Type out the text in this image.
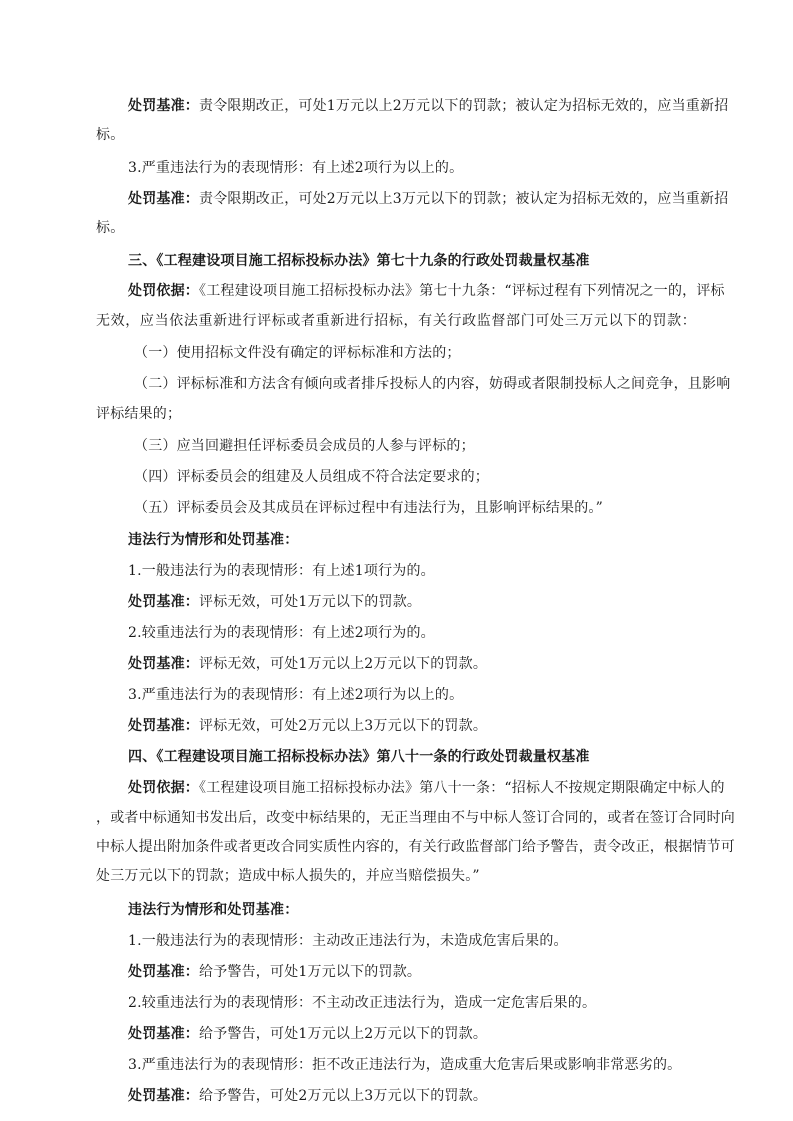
处罚基准：责令限期改正，可处1万元以上2万元以下的罚款；被认定为招标无效的，应当重新招
标。
3.严重违法行为的表现情形：有上述2项行为以上的。
处罚基准：责令限期改正，可处2万元以上3万元以下的罚款；被认定为招标无效的，应当重新招
标。
三、《工程建设项目施工招标投标办法》第七十九条的行政处罚裁量权基准
处罚依据：《工程建设项目施工招标投标办法》第七十九条：“评标过程有下列情况之一的，评标
无效，应当依法重新进行评标或者重新进行招标，有关行政监督部门可处三万元以下的罚款：
（一）使用招标文件没有确定的评标标准和方法的；
（二）评标标准和方法含有倾向或者排斥投标人的内容，妨碍或者限制投标人之间竞争，且影响
评标结果的；
（三）应当回避担任评标委员会成员的人参与评标的；
（四）评标委员会的组建及人员组成不符合法定要求的；
（五）评标委员会及其成员在评标过程中有违法行为，且影响评标结果的。”
违法行为情形和处罚基准：
1.一般违法行为的表现情形：有上述1项行为的。
处罚基准：评标无效，可处1万元以下的罚款。
2.较重违法行为的表现情形：有上述2项行为的。
处罚基准：评标无效，可处1万元以上2万元以下的罚款。
3.严重违法行为的表现情形：有上述2项行为以上的。
处罚基准：评标无效，可处2万元以上3万元以下的罚款。
四、《工程建设项目施工招标投标办法》第八十一条的行政处罚裁量权基准
处罚依据：《工程建设项目施工招标投标办法》第八十一条：“招标人不按规定期限确定中标人的
，或者中标通知书发出后，改变中标结果的，无正当理由不与中标人签订合同的，或者在签订合同时向
中标人提出附加条件或者更改合同实质性内容的，有关行政监督部门给予警告，责令改正，根据情节可
处三万元以下的罚款；造成中标人损失的，并应当赔偿损失。”
违法行为情形和处罚基准：
1.一般违法行为的表现情形：主动改正违法行为，未造成危害后果的。
处罚基准：给予警告，可处1万元以下的罚款。
2.较重违法行为的表现情形：不主动改正违法行为，造成一定危害后果的。
处罚基准：给予警告，可处1万元以上2万元以下的罚款。
3.严重违法行为的表现情形：拒不改正违法行为，造成重大危害后果或影响非常恶劣的。
处罚基准：给予警告，可处2万元以上3万元以下的罚款。
